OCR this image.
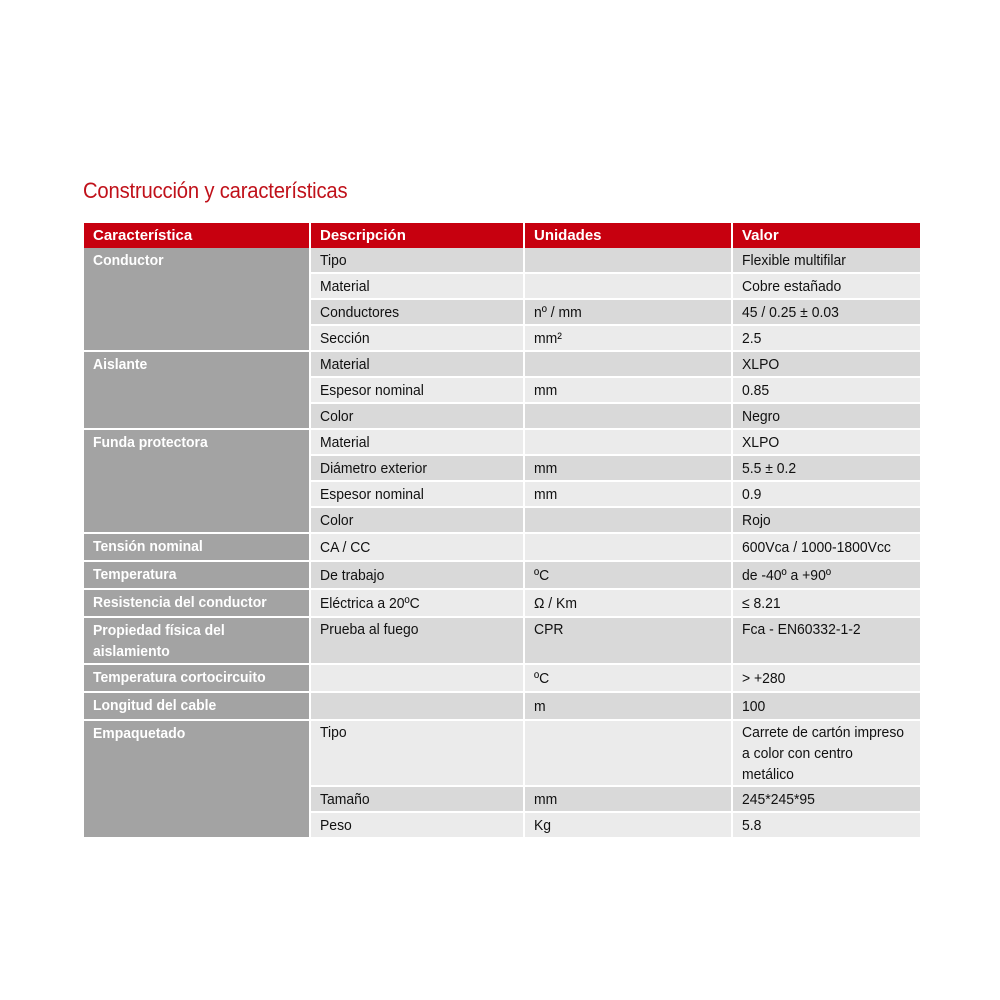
Construcción y características
Característica	Descripción	Unidades	Valor
Conductor	Tipo		Flexible multifilar
	Material		Cobre estañado
	Conductores	nº / mm	45 / 0.25 ± 0.03
	Sección	mm²	2.5
Aislante	Material		XLPO
	Espesor nominal	mm	0.85
	Color		Negro
Funda protectora	Material		XLPO
	Diámetro exterior	mm	5.5 ± 0.2
	Espesor nominal	mm	0.9
	Color		Rojo
Tensión nominal	CA / CC		600Vca / 1000-1800Vcc
Temperatura	De trabajo	ºC	de -40º a +90º
Resistencia del conductor	Eléctrica a 20ºC	Ω / Km	≤ 8.21
Propiedad física del aislamiento	Prueba al fuego	CPR	Fca - EN60332-1-2
Temperatura cortocircuito		ºC	> +280
Longitud del cable		m	100
Empaquetado	Tipo		Carrete de cartón impreso a color con centro metálico
	Tamaño	mm	245*245*95
	Peso	Kg	5.8
